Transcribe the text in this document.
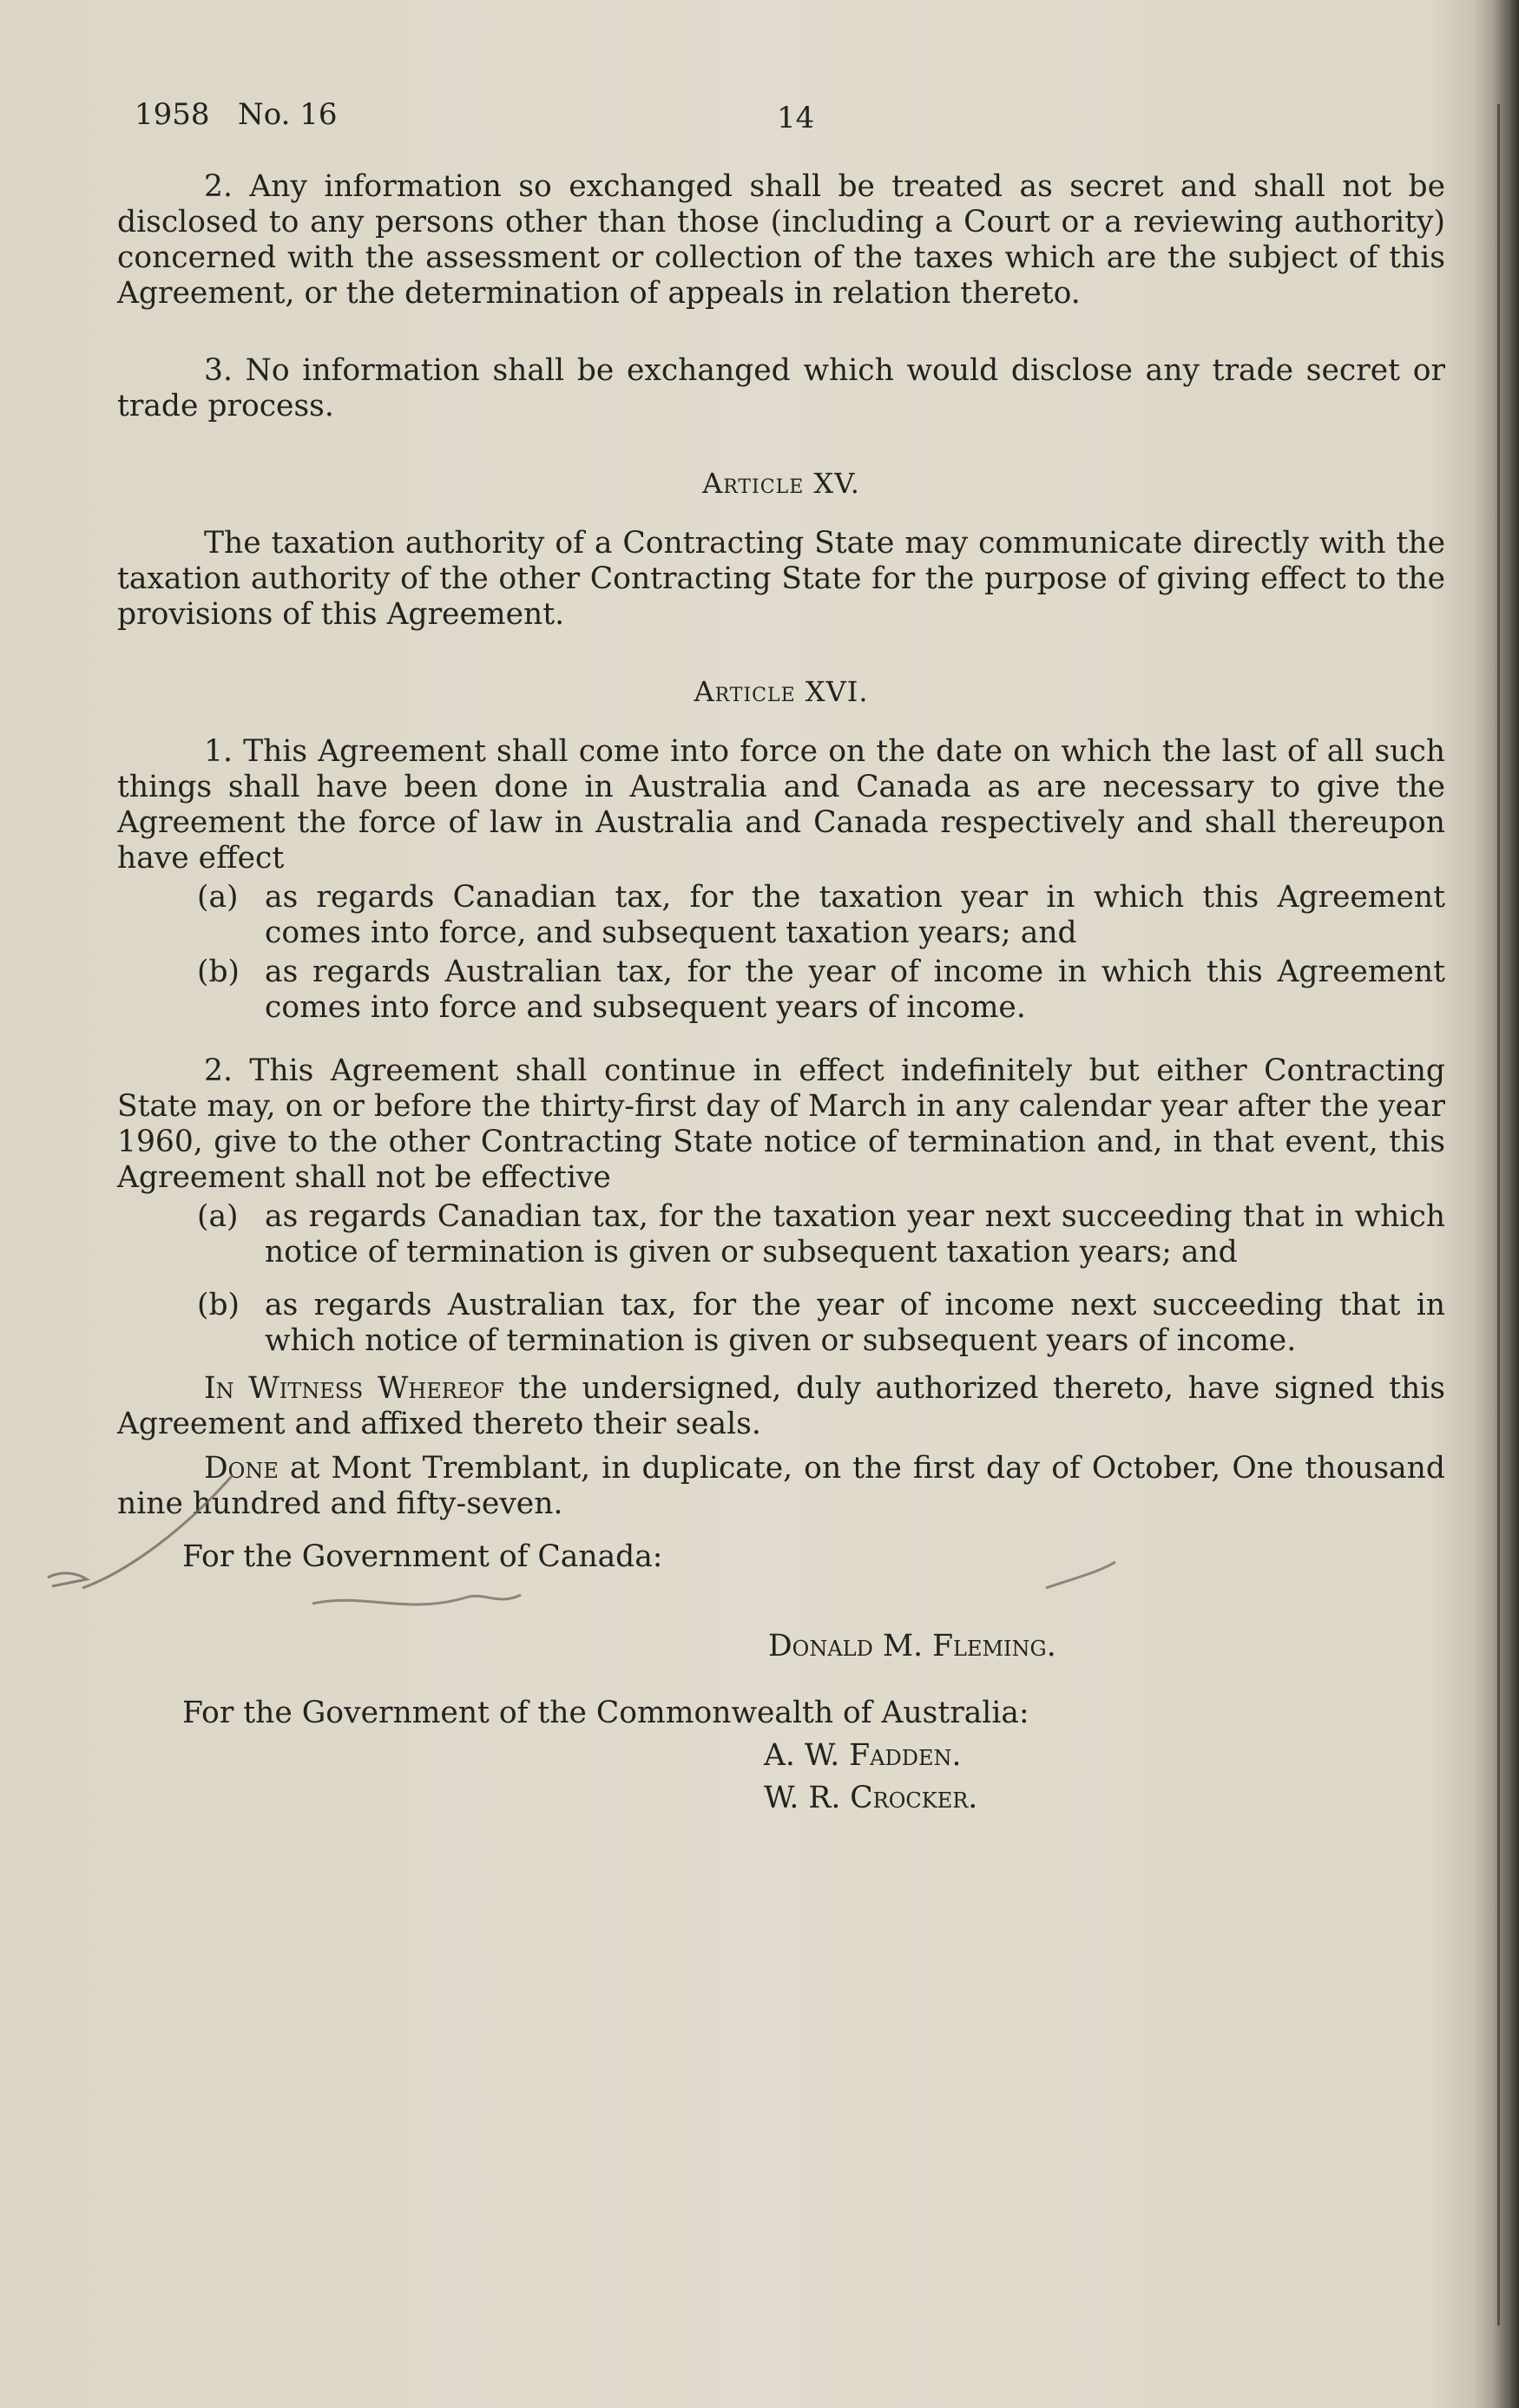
1958   No. 16	14

2. Any information so exchanged shall be treated as secret and shall not be disclosed to any persons other than those (including a Court or a reviewing authority) concerned with the assessment or collection of the taxes which are the subject of this Agreement, or the determination of appeals in relation thereto.

3. No information shall be exchanged which would disclose any trade secret or trade process.

Article XV.

The taxation authority of a Contracting State may communicate directly with the taxation authority of the other Contracting State for the purpose of giving effect to the provisions of this Agreement.

Article XVI.

1. This Agreement shall come into force on the date on which the last of all such things shall have been done in Australia and Canada as are necessary to give the Agreement the force of law in Australia and Canada respectively and shall thereupon have effect

(a) as regards Canadian tax, for the taxation year in which this Agreement comes into force, and subsequent taxation years; and
(b) as regards Australian tax, for the year of income in which this Agreement comes into force and subsequent years of income.

2. This Agreement shall continue in effect indefinitely but either Contracting State may, on or before the thirty-first day of March in any calendar year after the year 1960, give to the other Contracting State notice of termination and, in that event, this Agreement shall not be effective

(a) as regards Canadian tax, for the taxation year next succeeding that in which notice of termination is given or subsequent taxation years; and
(b) as regards Australian tax, for the year of income next succeeding that in which notice of termination is given or subsequent years of income.

In Witness Whereof the undersigned, duly authorized thereto, have signed this Agreement and affixed thereto their seals.

Done at Mont Tremblant, in duplicate, on the first day of October, One thousand nine hundred and fifty-seven.

For the Government of Canada:

Donald M. Fleming.

For the Government of the Commonwealth of Australia:

A. W. Fadden.

W. R. Crocker.
